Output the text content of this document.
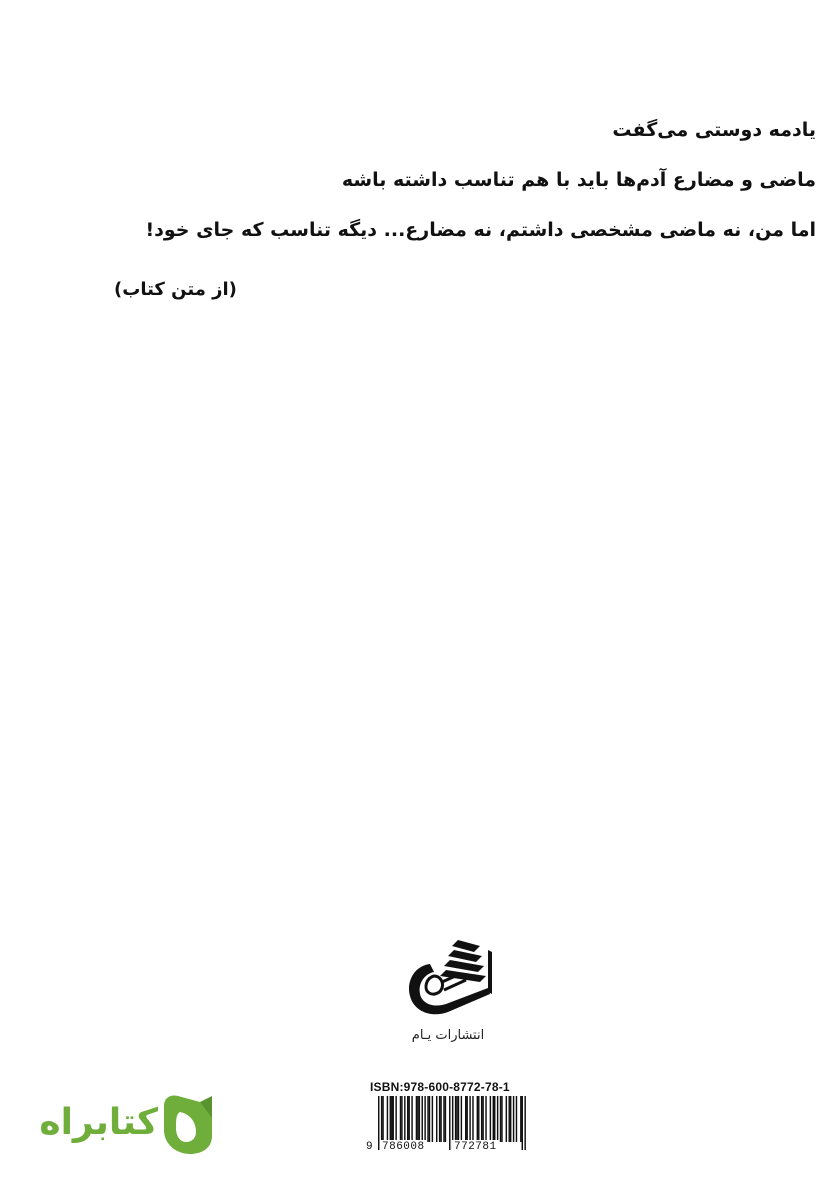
یادمه دوستی می‌گفت

ماضی و مضارع آدم‌ها باید با هم تناسب داشته باشه

اما من، نه ماضی مشخصی داشتم، نه مضارع... دیگه تناسب که جای خود!

(از متن کتاب)
انتشارات یـام
ISBN:978-600-8772-78-1
9 786008	772781
کتابراه
